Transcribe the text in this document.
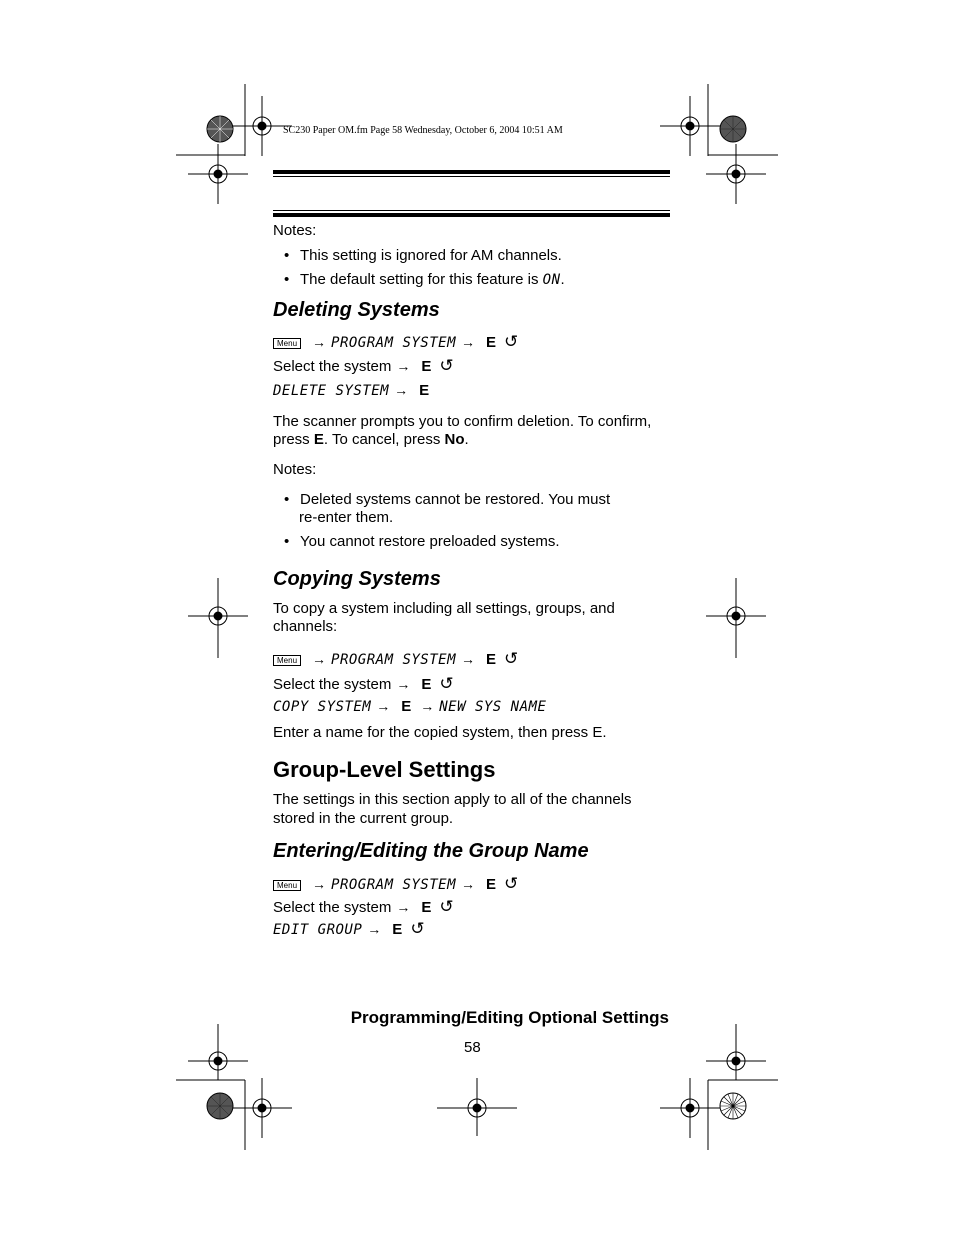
SC230 Paper OM.fm Page 58 Wednesday, October 6, 2004 10:51 AM
Notes:
• This setting is ignored for AM channels.
• The default setting for this feature is ON.
Deleting Systems
Menu → PROGRAM SYSTEM → E ↺
Select the system → E ↺
DELETE SYSTEM → E
The scanner prompts you to confirm deletion. To confirm,
press E. To cancel, press No.
Notes:
• Deleted systems cannot be restored. You must
re-enter them.
• You cannot restore preloaded systems.
Copying Systems
To copy a system including all settings, groups, and
channels:
Menu → PROGRAM SYSTEM → E ↺
Select the system → E ↺
COPY SYSTEM → E → NEW SYS NAME
Enter a name for the copied system, then press E.
Group-Level Settings
The settings in this section apply to all of the channels
stored in the current group.
Entering/Editing the Group Name
Menu → PROGRAM SYSTEM → E ↺
Select the system → E ↺
EDIT GROUP → E ↺
Programming/Editing Optional Settings
58
